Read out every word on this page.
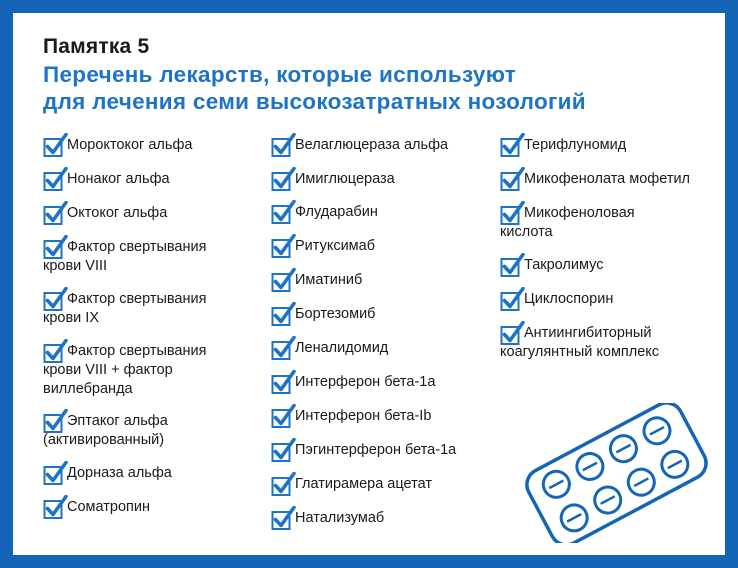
Памятка 5
Перечень лекарств, которые используют
для лечения семи высокозатратных нозологий
Мороктоког альфа
Нонаког альфа
Октоког альфа
Фактор свертывания
крови VIII
Фактор свертывания
крови IX
Фактор свертывания
крови VIII + фактор
виллебранда
Эптаког альфа
(активированный)
Дорназа альфа
Соматропин
Велаглюцераза альфа
Имиглюцераза
Флударабин
Ритуксимаб
Иматиниб
Бортезомиб
Леналидомид
Интерферон бета-1а
Интерферон бета-Ib
Пэгинтерферон бета-1а
Глатирамера ацетат
Натализумаб
Терифлуномид
Микофенолата мофетил
Микофеноловая
кислота
Такролимус
Циклоспорин
Антиингибиторный
коагулянтный комплекс
